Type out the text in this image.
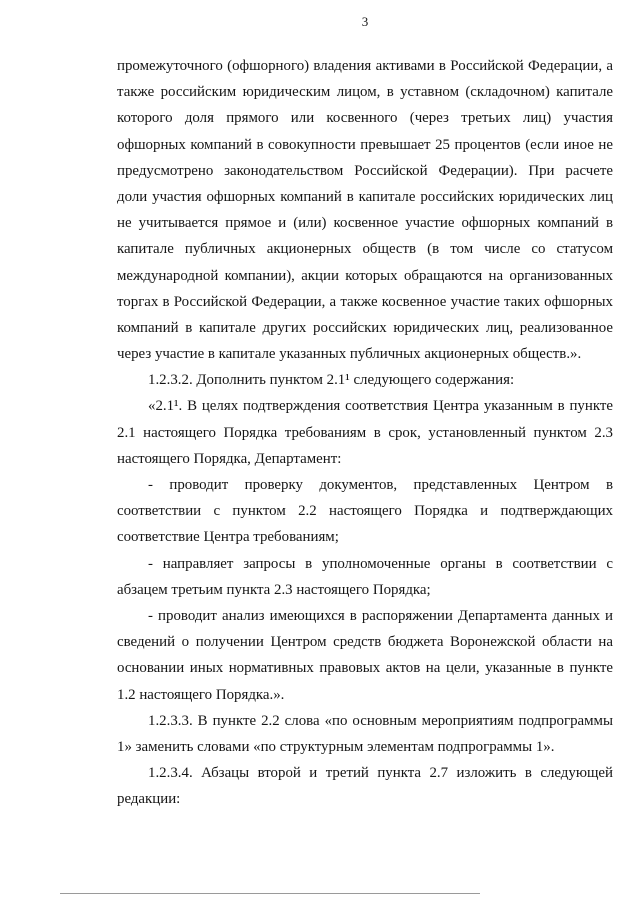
3
промежуточного (офшорного) владения активами в Российской Федерации, а
также российским юридическим лицом, в уставном (складочном) капитале
которого доля прямого или косвенного (через третьих лиц) участия
офшорных компаний в совокупности превышает 25 процентов (если иное не
предусмотрено законодательством Российской Федерации). При расчете
доли участия офшорных компаний в капитале российских юридических лиц
не учитывается прямое и (или) косвенное участие офшорных компаний в
капитале публичных акционерных обществ (в том числе со статусом
международной компании), акции которых обращаются на организованных
торгах в Российской Федерации, а также косвенное участие таких офшорных
компаний в капитале других российских юридических лиц, реализованное
через участие в капитале указанных публичных акционерных обществ.».
1.2.3.2. Дополнить пунктом 2.1¹ следующего содержания:
«2.1¹. В целях подтверждения соответствия Центра указанным в пункте
2.1 настоящего Порядка требованиям в срок, установленный пунктом 2.3
настоящего Порядка, Департамент:
- проводит проверку документов, представленных Центром в
соответствии с пунктом 2.2 настоящего Порядка и подтверждающих
соответствие Центра требованиям;
- направляет запросы в уполномоченные органы в соответствии с
абзацем третьим пункта 2.3 настоящего Порядка;
- проводит анализ имеющихся в распоряжении Департамента данных и
сведений о получении Центром средств бюджета Воронежской области на
основании иных нормативных правовых актов на цели, указанные в пункте
1.2 настоящего Порядка.».
1.2.3.3. В пункте 2.2 слова «по основным мероприятиям подпрограммы
1» заменить словами «по структурным элементам подпрограммы 1».
1.2.3.4. Абзацы второй и третий пункта 2.7 изложить в следующей
редакции:
